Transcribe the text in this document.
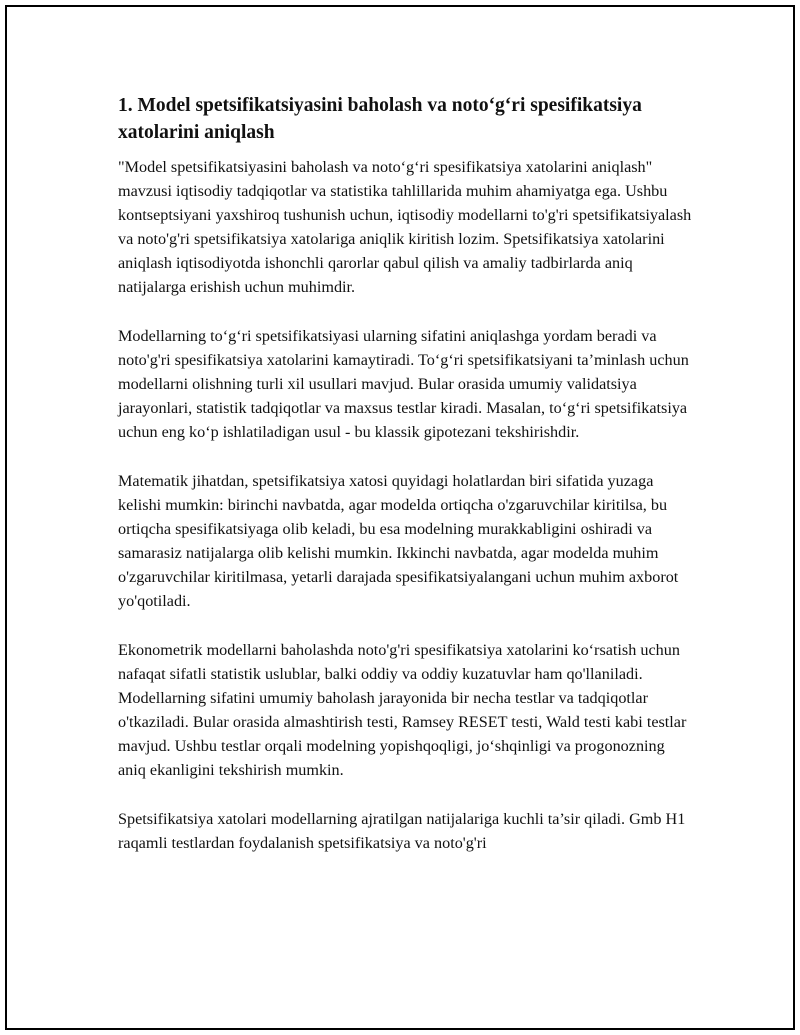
1. Model spetsifikatsiyasini baholash va noto‘g‘ri spesifikatsiya xatolarini aniqlash

"Model spetsifikatsiyasini baholash va noto‘g‘ri spesifikatsiya xatolarini aniqlash" mavzusi iqtisodiy tadqiqotlar va statistika tahlillarida muhim ahamiyatga ega. Ushbu kontseptsiyani yaxshiroq tushunish uchun, iqtisodiy modellarni to'g'ri spetsifikatsiyalash va noto'g'ri spetsifikatsiya xatolariga aniqlik kiritish lozim. Spetsifikatsiya xatolarini aniqlash iqtisodiyotda ishonchli qarorlar qabul qilish va amaliy tadbirlarda aniq natijalarga erishish uchun muhimdir.

Modellarning to‘g‘ri spetsifikatsiyasi ularning sifatini aniqlashga yordam beradi va noto'g'ri spesifikatsiya xatolarini kamaytiradi. To‘g‘ri spetsifikatsiyani ta’minlash uchun modellarni olishning turli xil usullari mavjud. Bular orasida umumiy validatsiya jarayonlari, statistik tadqiqotlar va maxsus testlar kiradi. Masalan, to‘g‘ri spetsifikatsiya uchun eng ko‘p ishlatiladigan usul - bu klassik gipotezani tekshirishdir.

Matematik jihatdan, spetsifikatsiya xatosi quyidagi holatlardan biri sifatida yuzaga kelishi mumkin: birinchi navbatda, agar modelda ortiqcha o'zgaruvchilar kiritilsa, bu ortiqcha spesifikatsiyaga olib keladi, bu esa modelning murakkabligini oshiradi va samarasiz natijalarga olib kelishi mumkin. Ikkinchi navbatda, agar modelda muhim o'zgaruvchilar kiritilmasa, yetarli darajada spesifikatsiyalangani uchun muhim axborot yo'qotiladi.

Ekonometrik modellarni baholashda noto'g'ri spesifikatsiya xatolarini ko‘rsatish uchun nafaqat sifatli statistik uslublar, balki oddiy va oddiy kuzatuvlar ham qo'llaniladi. Modellarning sifatini umumiy baholash jarayonida bir necha testlar va tadqiqotlar o'tkaziladi. Bular orasida almashtirish testi, Ramsey RESET testi, Wald testi kabi testlar mavjud. Ushbu testlar orqali modelning yopishqoqligi, jo‘shqinligi va progonozning aniq ekanligini tekshirish mumkin.

Spetsifikatsiya xatolari modellarning ajratilgan natijalariga kuchli ta’sir qiladi. Gmb H1 raqamli testlardan foydalanish spetsifikatsiya va noto'g'ri
